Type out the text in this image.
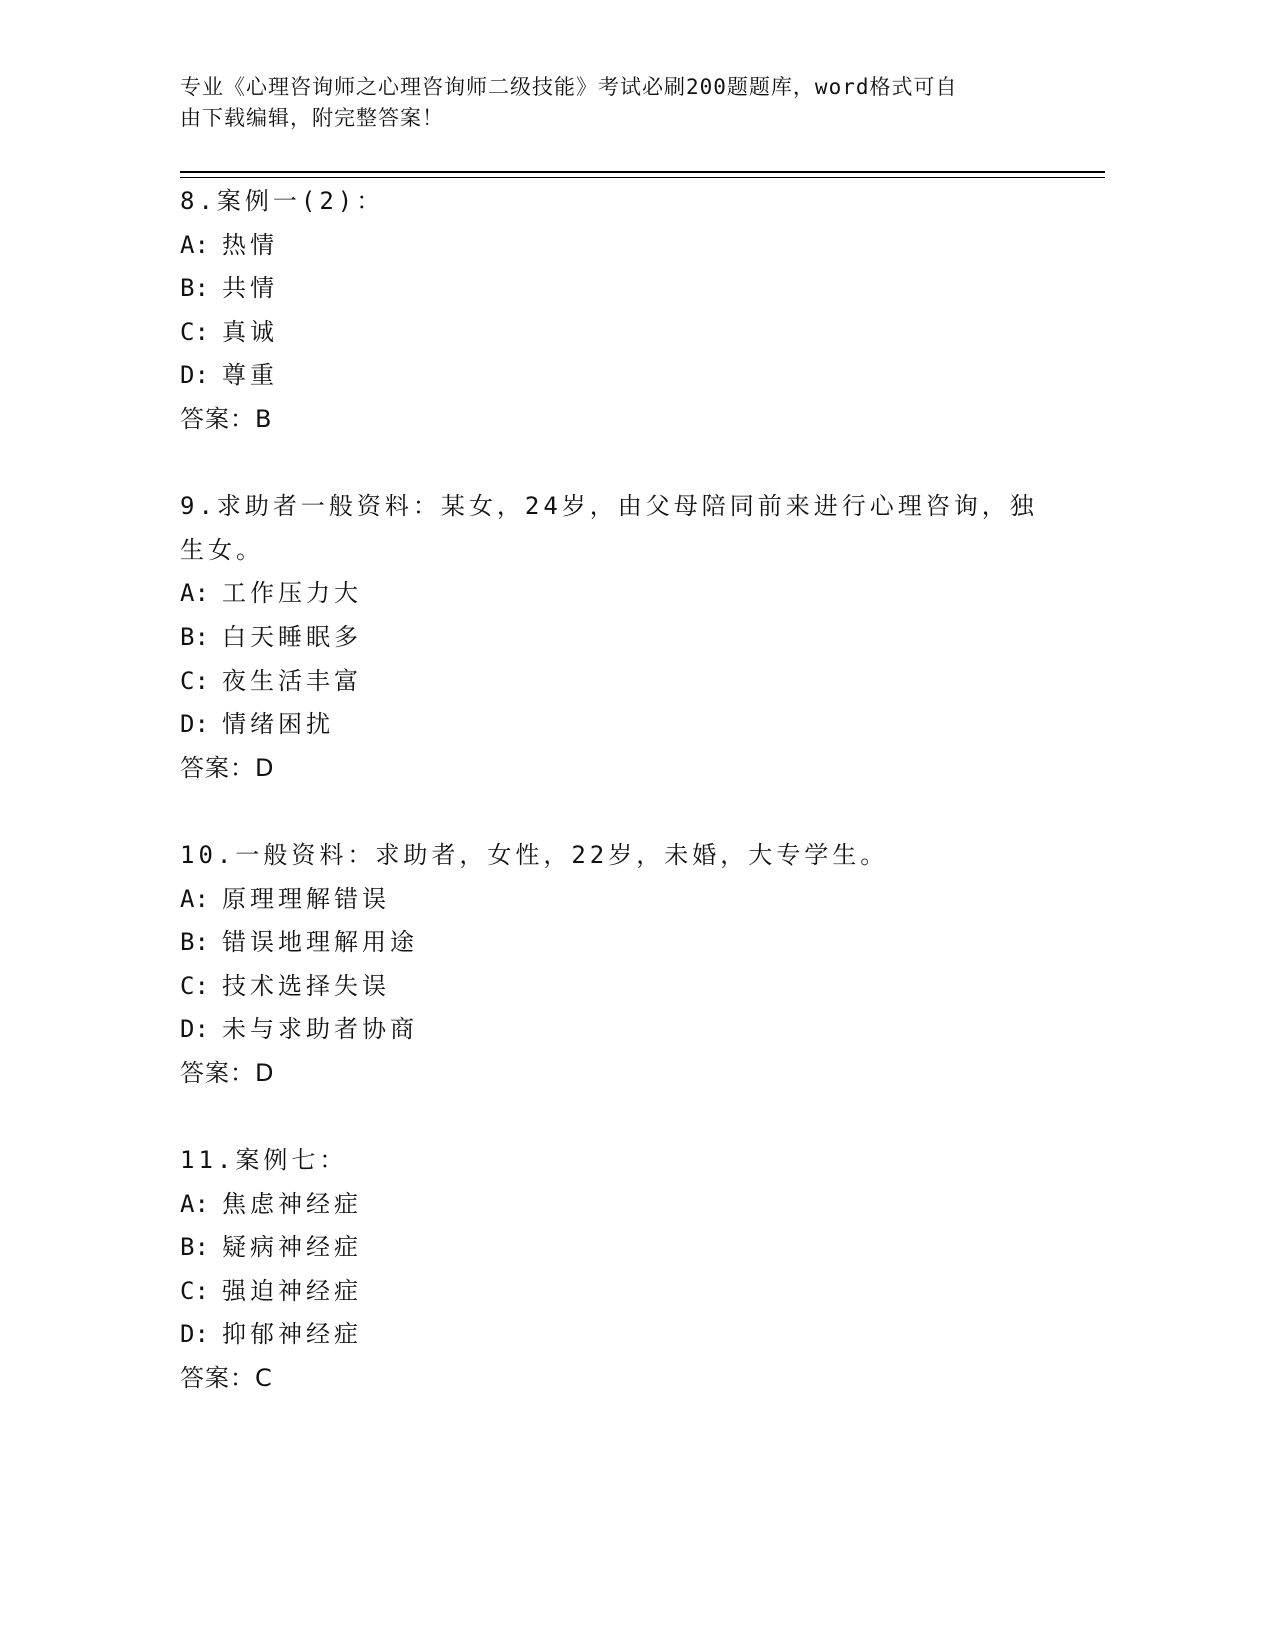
专业《心理咨询师之心理咨询师二级技能》考试必刷200题题库，word格式可自
由下载编辑，附完整答案！
8.案例一(2)：
A: 热情
B: 共情
C: 真诚
D: 尊重
答案：B
9.求助者一般资料：某女，24岁，由父母陪同前来进行心理咨询，独生女。
A: 工作压力大
B: 白天睡眠多
C: 夜生活丰富
D: 情绪困扰
答案：D
10.一般资料：求助者，女性，22岁，未婚，大专学生。
A: 原理理解错误
B: 错误地理解用途
C: 技术选择失误
D: 未与求助者协商
答案：D
11.案例七：
A: 焦虑神经症
B: 疑病神经症
C: 强迫神经症
D: 抑郁神经症
答案：C
